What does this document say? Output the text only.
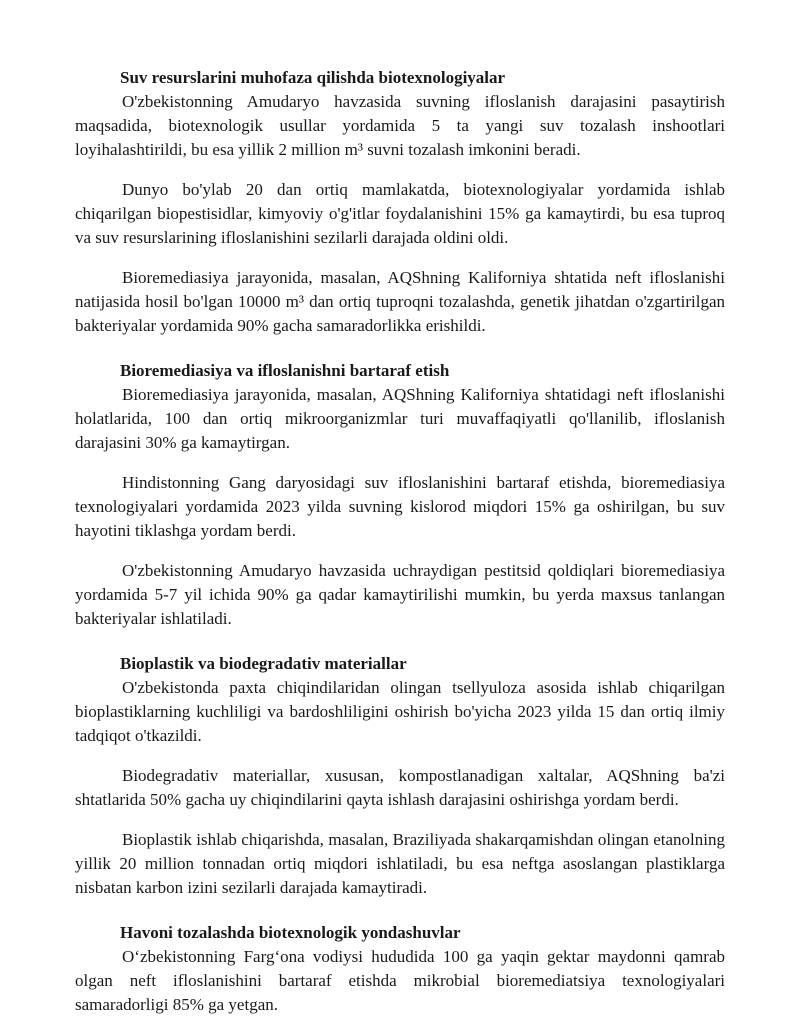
Suv resurslarini muhofaza qilishda biotexnologiyalar

O'zbekistonning Amudaryo havzasida suvning ifloslanish darajasini pasaytirish maqsadida, biotexnologik usullar yordamida 5 ta yangi suv tozalash inshootlari loyihalashtirildi, bu esa yillik 2 million m³ suvni tozalash imkonini beradi.

Dunyo bo'ylab 20 dan ortiq mamlakatda, biotexnologiyalar yordamida ishlab chiqarilgan biopestisidlar, kimyoviy o'g'itlar foydalanishini 15% ga kamaytirdi, bu esa tuproq va suv resurslarining ifloslanishini sezilarli darajada oldini oldi.

Bioremediasiya jarayonida, masalan, AQShning Kaliforniya shtatida neft ifloslanishi natijasida hosil bo'lgan 10000 m³ dan ortiq tuproqni tozalashda, genetik jihatdan o'zgartirilgan bakteriyalar yordamida 90% gacha samaradorlikka erishildi.

Bioremediasiya va ifloslanishni bartaraf etish

Bioremediasiya jarayonida, masalan, AQShning Kaliforniya shtatidagi neft ifloslanishi holatlarida, 100 dan ortiq mikroorganizmlar turi muvaffaqiyatli qo'llanilib, ifloslanish darajasini 30% ga kamaytirgan.

Hindistonning Gang daryosidagi suv ifloslanishini bartaraf etishda, bioremediasiya texnologiyalari yordamida 2023 yilda suvning kislorod miqdori 15% ga oshirilgan, bu suv hayotini tiklashga yordam berdi.

O'zbekistonning Amudaryo havzasida uchraydigan pestitsid qoldiqlari bioremediasiya yordamida 5-7 yil ichida 90% ga qadar kamaytirilishi mumkin, bu yerda maxsus tanlangan bakteriyalar ishlatiladi.

Bioplastik va biodegradativ materiallar

O'zbekistonda paxta chiqindilaridan olingan tsellyuloza asosida ishlab chiqarilgan bioplastiklarning kuchliligi va bardoshliligini oshirish bo'yicha 2023 yilda 15 dan ortiq ilmiy tadqiqot o'tkazildi.

Biodegradativ materiallar, xususan, kompostlanadigan xaltalar, AQShning ba'zi shtatlarida 50% gacha uy chiqindilarini qayta ishlash darajasini oshirishga yordam berdi.

Bioplastik ishlab chiqarishda, masalan, Braziliyada shakarqamishdan olingan etanolning yillik 20 million tonnadan ortiq miqdori ishlatiladi, bu esa neftga asoslangan plastiklarga nisbatan karbon izini sezilarli darajada kamaytiradi.

Havoni tozalashda biotexnologik yondashuvlar

O‘zbekistonning Farg‘ona vodiysi hududida 100 ga yaqin gektar maydonni qamrab olgan neft ifloslanishini bartaraf etishda mikrobial bioremediatsiya texnologiyalari samaradorligi 85% ga yetgan.
